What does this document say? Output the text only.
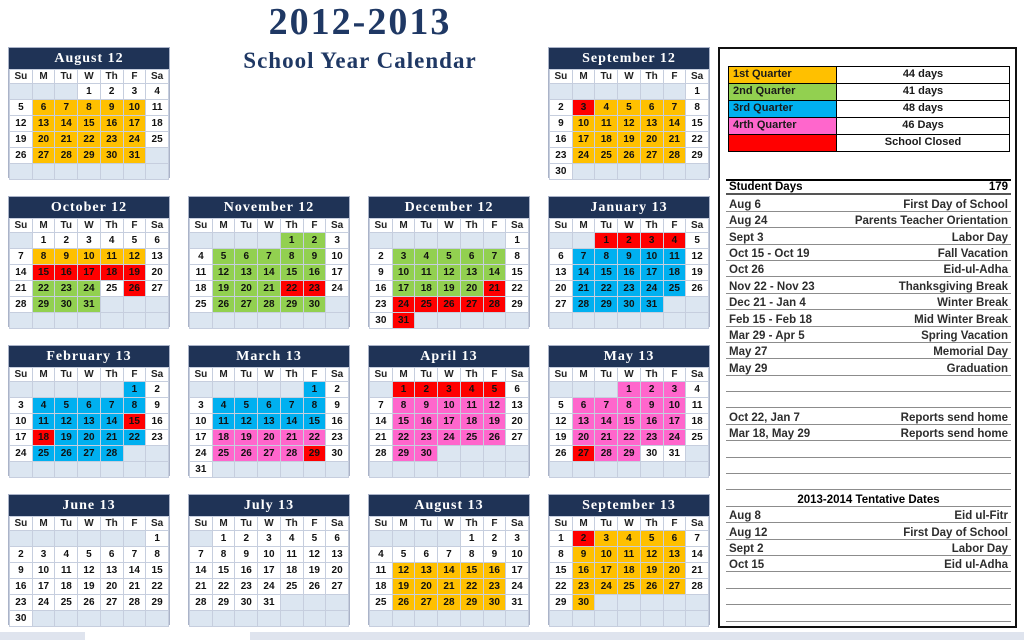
2012-2013
School Year Calendar
August 12
Su	M	Tu	W	Th	F	Sa
			1	2	3	4
5	6	7	8	9	10	11
12	13	14	15	16	17	18
19	20	21	22	23	24	25
26	27	28	29	30	31	

September 12
Su	M	Tu	W	Th	F	Sa
						1
2	3	4	5	6	7	8
9	10	11	12	13	14	15
16	17	18	19	20	21	22
23	24	25	26	27	28	29
30						
October 12
Su	M	Tu	W	Th	F	Sa
	1	2	3	4	5	6
7	8	9	10	11	12	13
14	15	16	17	18	19	20
21	22	23	24	25	26	27
28	29	30	31			

November 12
Su	M	Tu	W	Th	F	Sa
				1	2	3
4	5	6	7	8	9	10
11	12	13	14	15	16	17
18	19	20	21	22	23	24
25	26	27	28	29	30	

December 12
Su	M	Tu	W	Th	F	Sa
						1
2	3	4	5	6	7	8
9	10	11	12	13	14	15
16	17	18	19	20	21	22
23	24	25	26	27	28	29
30	31					
January 13
Su	M	Tu	W	Th	F	Sa
		1	2	3	4	5
6	7	8	9	10	11	12
13	14	15	16	17	18	19
20	21	22	23	24	25	26
27	28	29	30	31		

February 13
Su	M	Tu	W	Th	F	Sa
					1	2
3	4	5	6	7	8	9
10	11	12	13	14	15	16
17	18	19	20	21	22	23
24	25	26	27	28		

March 13
Su	M	Tu	W	Th	F	Sa
					1	2
3	4	5	6	7	8	9
10	11	12	13	14	15	16
17	18	19	20	21	22	23
24	25	26	27	28	29	30
31						
April 13
Su	M	Tu	W	Th	F	Sa
	1	2	3	4	5	6
7	8	9	10	11	12	13
14	15	16	17	18	19	20
21	22	23	24	25	26	27
28	29	30				

May 13
Su	M	Tu	W	Th	F	Sa
			1	2	3	4
5	6	7	8	9	10	11
12	13	14	15	16	17	18
19	20	21	22	23	24	25
26	27	28	29	30	31	

June 13
Su	M	Tu	W	Th	F	Sa
						1
2	3	4	5	6	7	8
9	10	11	12	13	14	15
16	17	18	19	20	21	22
23	24	25	26	27	28	29
30						
July 13
Su	M	Tu	W	Th	F	Sa
	1	2	3	4	5	6
7	8	9	10	11	12	13
14	15	16	17	18	19	20
21	22	23	24	25	26	27
28	29	30	31			

August 13
Su	M	Tu	W	Th	F	Sa
				1	2	3
4	5	6	7	8	9	10
11	12	13	14	15	16	17
18	19	20	21	22	23	24
25	26	27	28	29	30	31

September 13
Su	M	Tu	W	Th	F	Sa
1	2	3	4	5	6	7
8	9	10	11	12	13	14
15	16	17	18	19	20	21
22	23	24	25	26	27	28
29	30					

1st Quarter	44 days
2nd Quarter	41 days
3rd Quarter	48 days
4rth Quarter	46 Days
School Closed
Student Days	179
Aug 6	First Day of School
Aug 24	Parents Teacher Orientation
Sept 3	Labor Day
Oct 15 - Oct 19	Fall Vacation
Oct 26	Eid-ul-Adha
Nov 22 - Nov 23	Thanksgiving Break
Dec 21 - Jan 4	Winter Break
Feb 15 - Feb 18	Mid Winter Break
Mar 29 - Apr 5	Spring Vacation
May 27	Memorial Day
May 29	Graduation
Oct 22, Jan 7	Reports send home
Mar 18, May 29	Reports send home
2013-2014 Tentative Dates
Aug 8	Eid ul-Fitr
Aug 12	First Day of School
Sept 2	Labor Day
Oct 15	Eid ul-Adha
